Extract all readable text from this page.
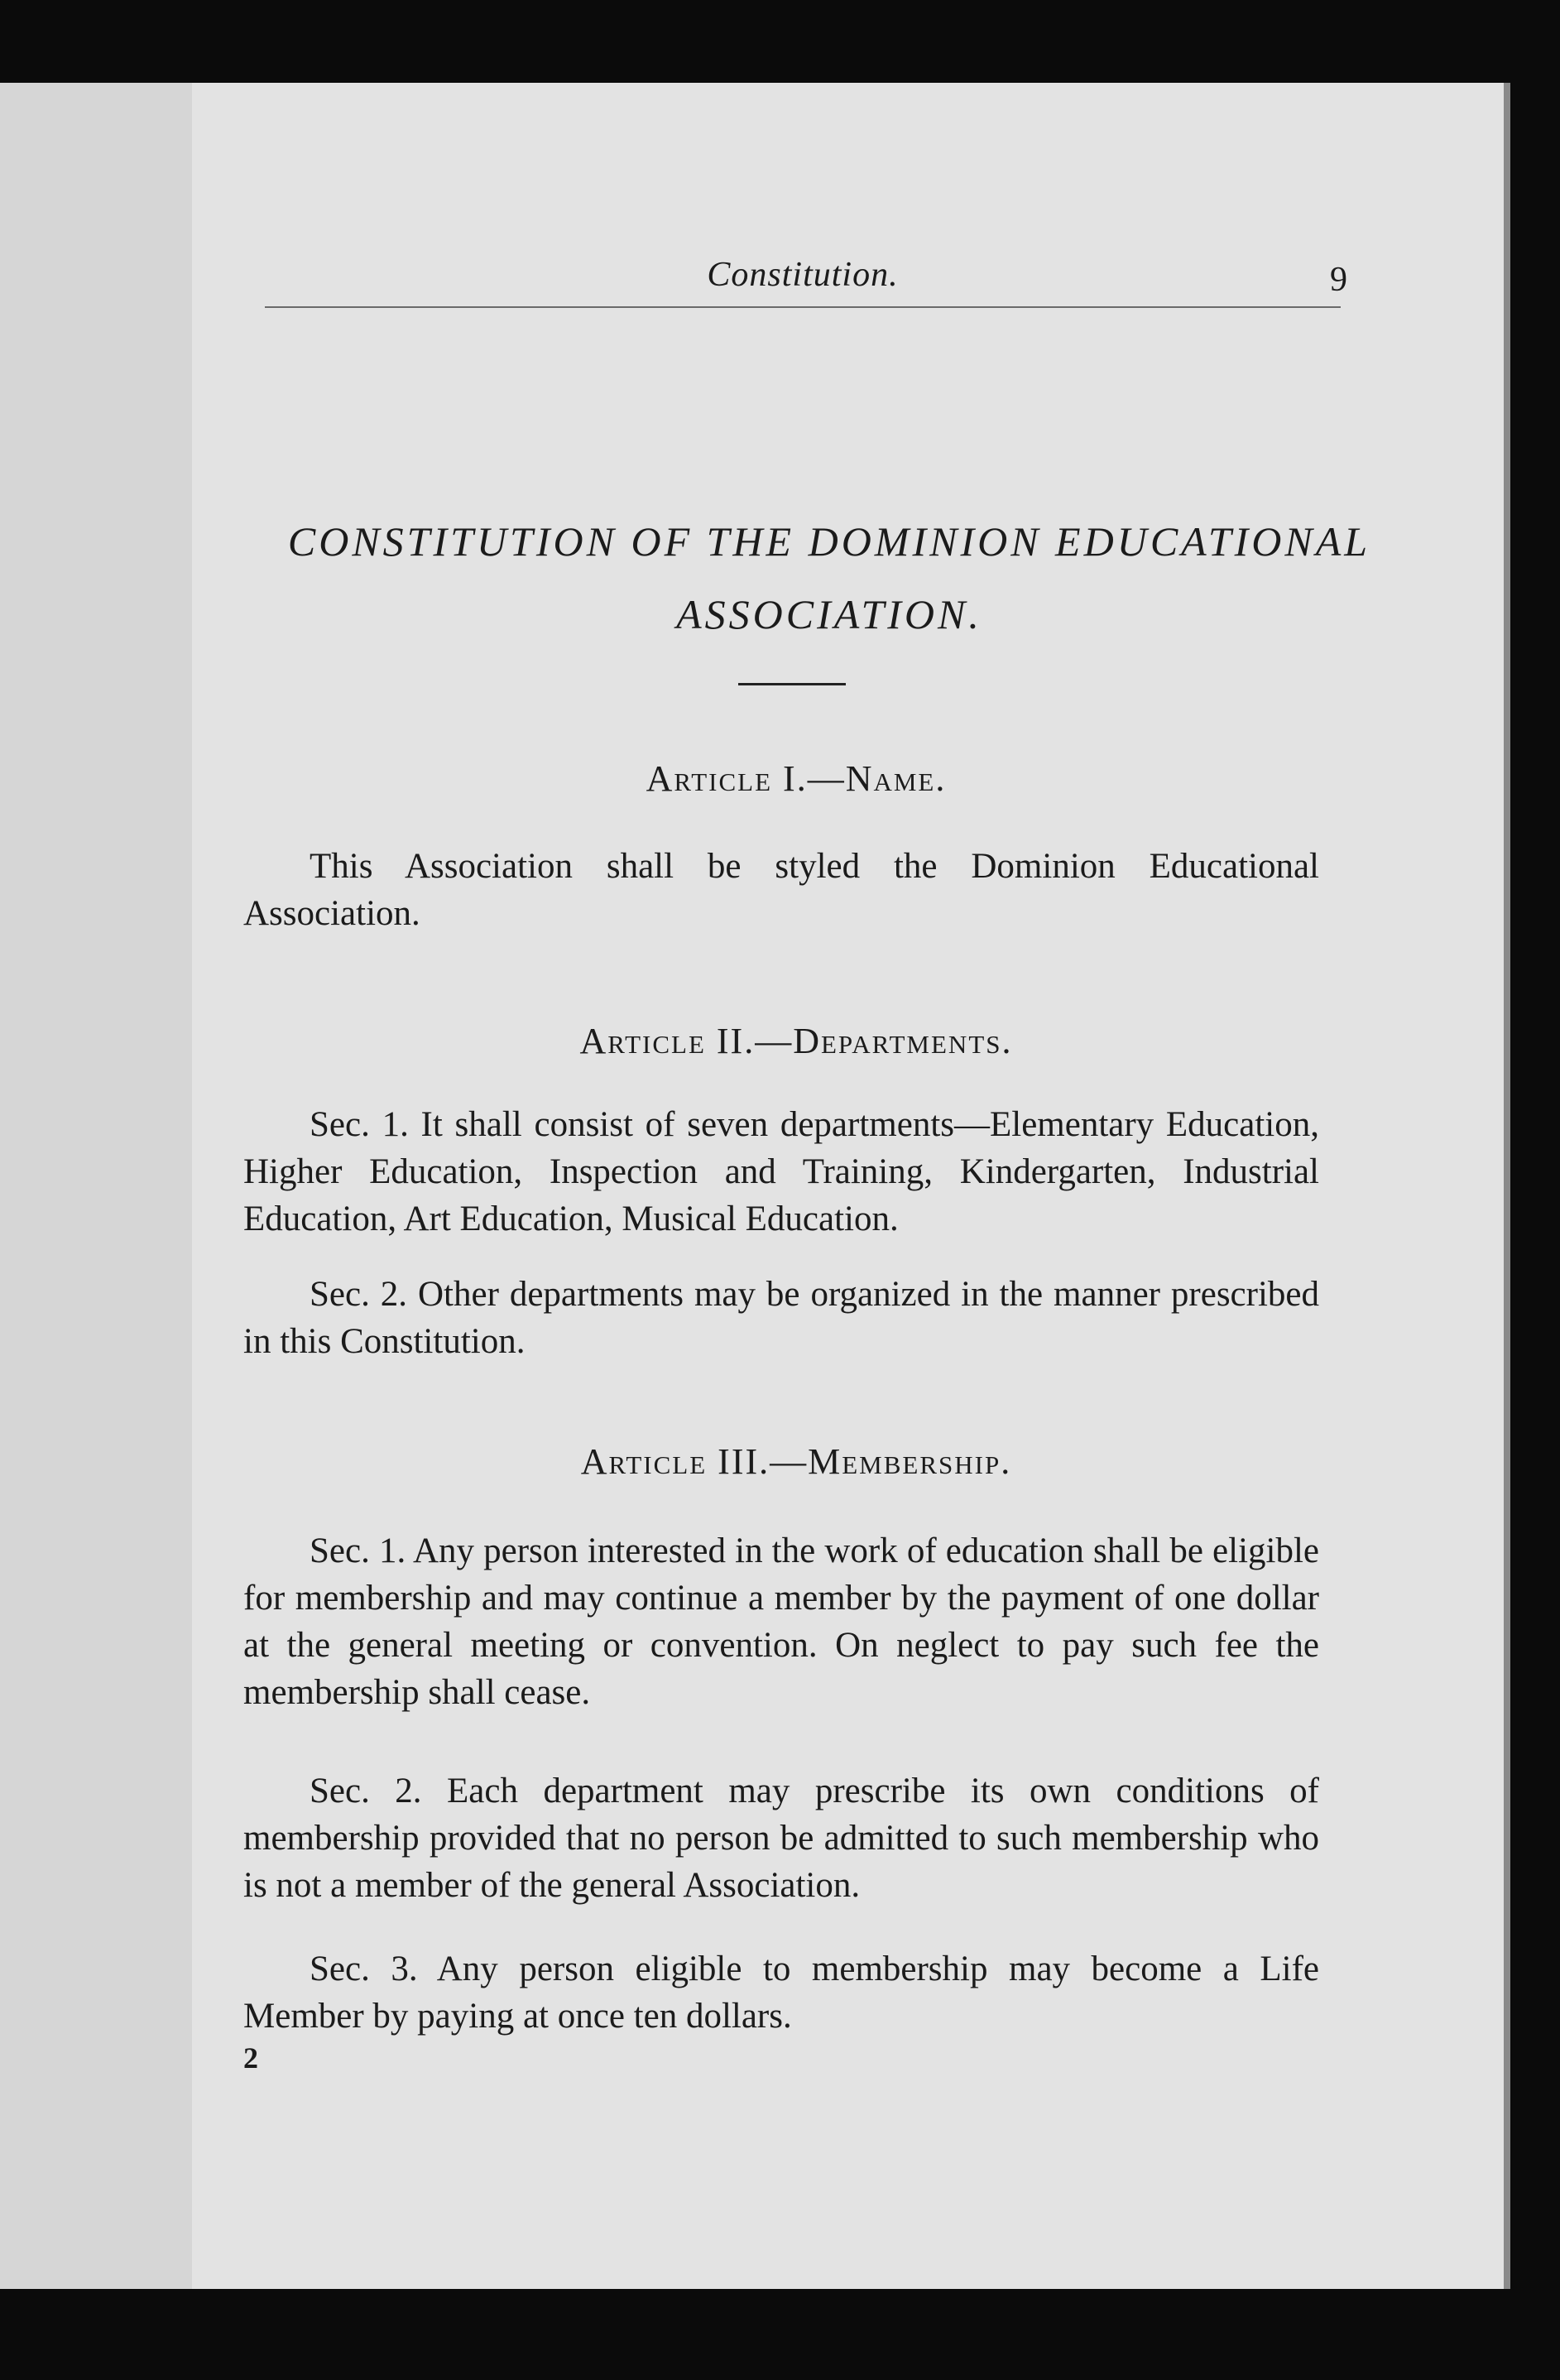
Constitution.	9
CONSTITUTION OF THE DOMINION EDUCATIONAL
ASSOCIATION.
Article I.—Name.
This Association shall be styled the Dominion Educational Association.
Article II.—Departments.
Sec. 1. It shall consist of seven departments—Elementary Education, Higher Education, Inspection and Training, Kindergarten, Industrial Education, Art Education, Musical Education.
Sec. 2. Other departments may be organized in the manner prescribed in this Constitution.
Article III.—Membership.
Sec. 1. Any person interested in the work of education shall be eligible for membership and may continue a member by the payment of one dollar at the general meeting or convention. On neglect to pay such fee the membership shall cease.
Sec. 2. Each department may prescribe its own conditions of membership provided that no person be admitted to such membership who is not a member of the general Association.
Sec. 3. Any person eligible to membership may become a Life Member by paying at once ten dollars.
2
